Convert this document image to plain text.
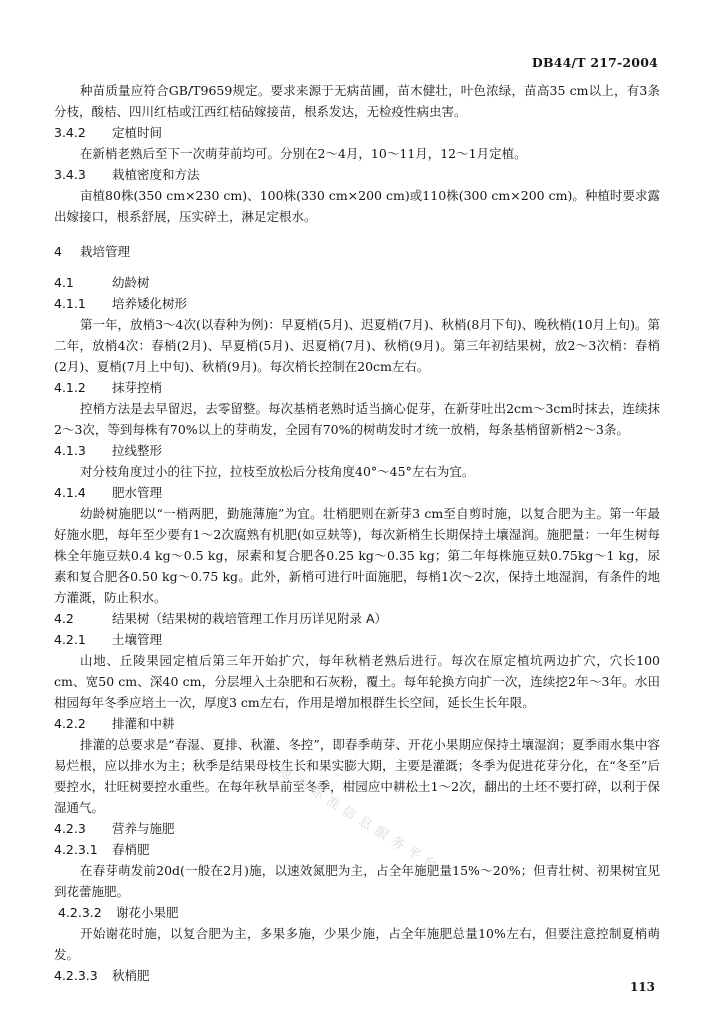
DB44/T 217-2004

种苗质量应符合GB/T9659规定。要求来源于无病苗圃，苗木健壮，叶色浓绿，苗高35 cm以上，有3条分枝，酸桔、四川红桔或江西红桔砧嫁接苗，根系发达，无检疫性病虫害。

3.4.2 定植时间

在新梢老熟后至下一次萌芽前均可。分别在2～4月，10～11月，12～1月定植。

3.4.3 栽植密度和方法

亩植80株(350 cm×230 cm)、100株(330 cm×200 cm)或110株(300 cm×200 cm)。种植时要求露出嫁接口，根系舒展，压实碎土，淋足定根水。

4 栽培管理
4.1	幼龄树
4.1.1 培养矮化树形

第一年，放梢3～4次(以春种为例)：早夏梢(5月)、迟夏梢(7月)、秋梢(8月下旬)、晚秋梢(10月上旬)。第二年，放梢4次：春梢(2月)、早夏梢(5月)、迟夏梢(7月)、秋梢(9月)。第三年初结果树，放2～3次梢：春梢(2月)、夏梢(7月上中旬)、秋梢(9月)。每次梢长控制在20cm左右。

4.1.2 抹芽控梢

控梢方法是去早留迟，去零留整。每次基梢老熟时适当摘心促芽，在新芽吐出2cm～3cm时抹去，连续抹2～3次，等到每株有70%以上的芽萌发，全园有70%的树萌发时才统一放梢，每条基梢留新梢2～3条。

4.1.3 拉线整形

对分枝角度过小的往下拉，拉枝至放松后分枝角度40°～45°左右为宜。

4.1.4 肥水管理

幼龄树施肥以“一梢两肥，勤施薄施”为宜。壮梢肥则在新芽3 cm至自剪时施，以复合肥为主。第一年最好施水肥，每年至少要有1～2次腐熟有机肥(如豆麸等)，每次新梢生长期保持土壤湿润。施肥量：一年生树每株全年施豆麸0.4 kg～0.5 kg，尿素和复合肥各0.25 kg～0.35 kg；第二年每株施豆麸0.75kg～1 kg，尿素和复合肥各0.50 kg～0.75 kg。此外，新梢可进行叶面施肥，每梢1次～2次，保持土地湿润，有条件的地方灌溉，防止积水。

4.2	结果树（结果树的栽培管理工作月历详见附录 A）
4.2.1 土壤管理

山地、丘陵果园定植后第三年开始扩穴，每年秋梢老熟后进行。每次在原定植坑两边扩穴，穴长100 cm、宽50 cm、深40 cm，分层埋入土杂肥和石灰粉，覆土。每年轮换方向扩一次，连续挖2年～3年。水田柑园每年冬季应培土一次，厚度3 cm左右，作用是增加根群生长空间，延长生长年限。

4.2.2 排灌和中耕

排灌的总要求是“春湿、夏排、秋灌、冬控”，即春季萌芽、开花小果期应保持土壤湿润；夏季雨水集中容易烂根，应以排水为主；秋季是结果母枝生长和果实膨大期，主要是灌溉；冬季为促进花芽分化，在“冬至”后要控水，壮旺树要控水重些。在每年秋旱前至冬季，柑园应中耕松土1～2次，翻出的土坯不要打碎，以利于保湿通气。

4.2.3 营养与施肥
4.2.3.1 春梢肥

在春芽萌发前20d(一般在2月)施，以速效氮肥为主，占全年施肥量15%～20%；但青壮树、初果树宜见到花蕾施肥。

4.2.3.2 谢花小果肥

开始谢花时施，以复合肥为主，多果多施，少果少施，占全年施肥总量10%左右，但要注意控制夏梢萌发。

4.2.3.3 秋梢肥
地方标准信息服务平台
113
